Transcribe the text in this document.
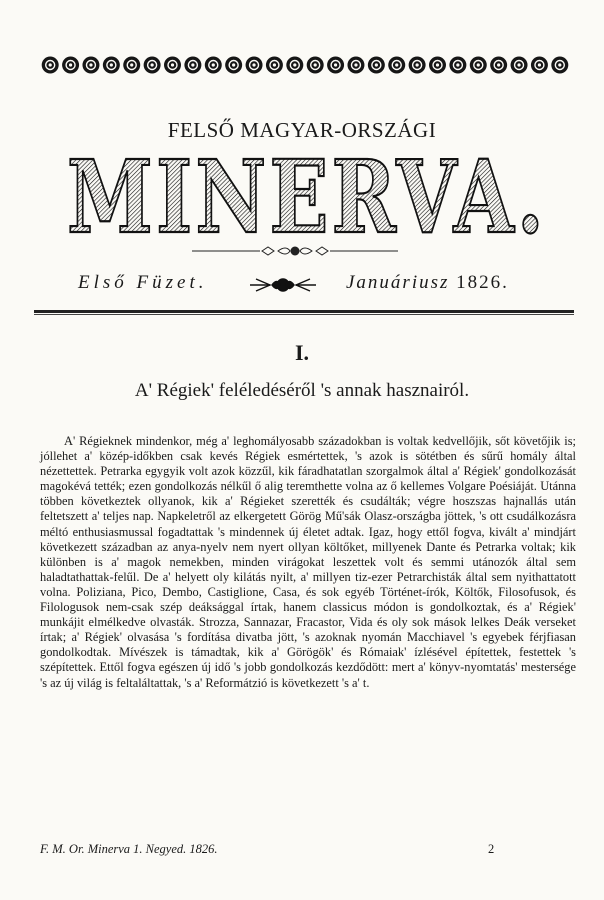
FELSŐ MAGYAR-ORSZÁGI
MINERVA.
Első Füzet.	Januáriusz 1826.
I.
A' Régiek' feléledéséről 's annak hasznairól.

A' Régieknek mindenkor, még a' leghomályosabb századokban is voltak kedvellőjik, sőt követőjik is; jóllehet a' közép-időkben csak kevés Régiek esmértettek, 's azok is sötétben és sűrű homály által nézettettek. Petrarka egygyik volt azok közzűl, kik fáradhatatlan szorgalmok által a' Régiek' gondolkozását magokévá tették; ezen gondolkozás nélkűl ő alig teremthette volna az ő kellemes Volgare Poésiáját. Utánna többen következtek ollyanok, kik a' Régieket szerették és csudálták; végre hoszszas hajnallás után feltetszett a' teljes nap. Napkeletről az elkergetett Görög Mű'sák Olasz-országba jöttek, 's ott csudálkozásra méltó enthusiasmussal fogadtattak 's mindennek új életet adtak. Igaz, hogy ettől fogva, kivált a' mindjárt következett században az anya-nyelv nem nyert ollyan költőket, millyenek Dante és Petrarka voltak; kik különben is a' magok nemekben, minden virágokat leszettek volt és semmi utánozók által sem haladtathattak-felűl. De a' helyett oly kilátás nyilt, a' millyen tiz-ezer Petrarchisták által sem nyithattatott volna. Poliziana, Pico, Dembo, Castiglione, Casa, és sok egyéb Történet-írók, Költők, Filosofusok, és Filologusok nem-csak szép deáksággal írtak, hanem classicus módon is gondolkoztak, és a' Régiek' munkájit elmélkedve olvasták. Strozza, Sannazar, Fracastor, Vida és oly sok mások lelkes Deák verseket írtak; a' Régiek' olvasása 's fordítása divatba jött, 's azoknak nyomán Macchiavel 's egyebek férjfiasan gondolkodtak. Mívészek is támadtak, kik a' Görögök' és Rómaiak' ízlésével építettek, festettek 's szépítettek. Ettől fogva egészen új idő 's jobb gondolkozás kezdődött: mert a' könyv-nyomtatás' mestersége 's az új világ is feltaláltattak, 's a' Reformátzió is következett 's a' t.

F. M. Or. Minerva 1. Negyed. 1826.	2
